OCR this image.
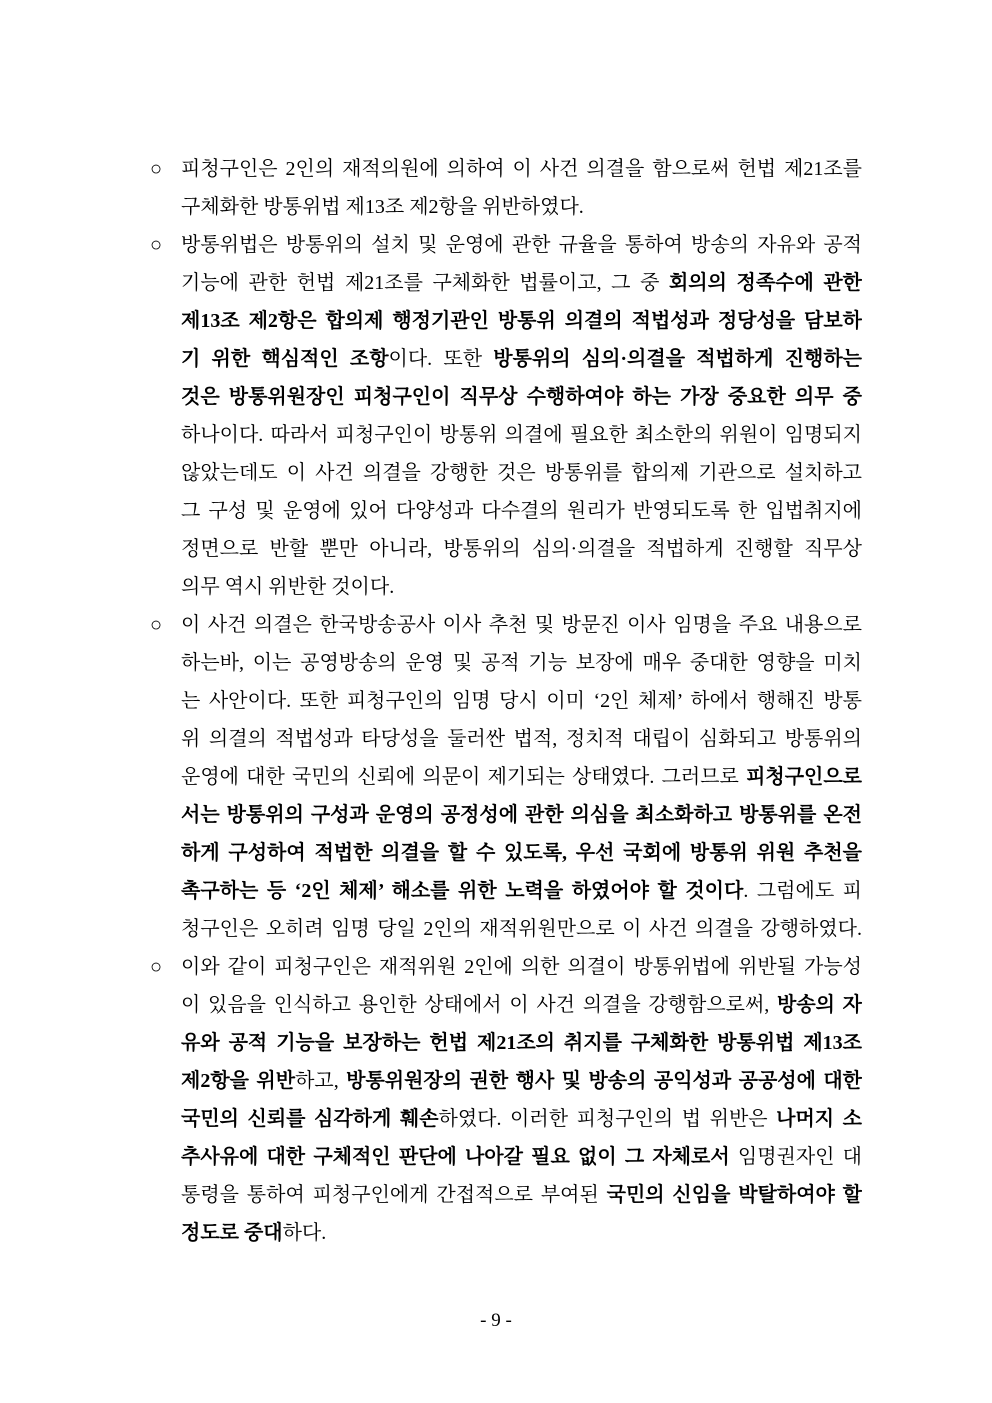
○ 피청구인은 2인의 재적의원에 의하여 이 사건 의결을 함으로써 헌법 제21조를
구체화한 방통위법 제13조 제2항을 위반하였다.
○ 방통위법은 방통위의 설치 및 운영에 관한 규율을 통하여 방송의 자유와 공적
기능에 관한 헌법 제21조를 구체화한 법률이고, 그 중 회의의 정족수에 관한
제13조 제2항은 합의제 행정기관인 방통위 의결의 적법성과 정당성을 담보하
기 위한 핵심적인 조항이다. 또한 방통위의 심의·의결을 적법하게 진행하는
것은 방통위원장인 피청구인이 직무상 수행하여야 하는 가장 중요한 의무 중
하나이다. 따라서 피청구인이 방통위 의결에 필요한 최소한의 위원이 임명되지
않았는데도 이 사건 의결을 강행한 것은 방통위를 합의제 기관으로 설치하고
그 구성 및 운영에 있어 다양성과 다수결의 원리가 반영되도록 한 입법취지에
정면으로 반할 뿐만 아니라, 방통위의 심의·의결을 적법하게 진행할 직무상
의무 역시 위반한 것이다.
○ 이 사건 의결은 한국방송공사 이사 추천 및 방문진 이사 임명을 주요 내용으로
하는바, 이는 공영방송의 운영 및 공적 기능 보장에 매우 중대한 영향을 미치
는 사안이다. 또한 피청구인의 임명 당시 이미 ‘2인 체제’ 하에서 행해진 방통
위 의결의 적법성과 타당성을 둘러싼 법적, 정치적 대립이 심화되고 방통위의
운영에 대한 국민의 신뢰에 의문이 제기되는 상태였다. 그러므로 피청구인으로
서는 방통위의 구성과 운영의 공정성에 관한 의심을 최소화하고 방통위를 온전
하게 구성하여 적법한 의결을 할 수 있도록, 우선 국회에 방통위 위원 추천을
촉구하는 등 ‘2인 체제’ 해소를 위한 노력을 하였어야 할 것이다. 그럼에도 피
청구인은 오히려 임명 당일 2인의 재적위원만으로 이 사건 의결을 강행하였다.
○ 이와 같이 피청구인은 재적위원 2인에 의한 의결이 방통위법에 위반될 가능성
이 있음을 인식하고 용인한 상태에서 이 사건 의결을 강행함으로써, 방송의 자
유와 공적 기능을 보장하는 헌법 제21조의 취지를 구체화한 방통위법 제13조
제2항을 위반하고, 방통위원장의 권한 행사 및 방송의 공익성과 공공성에 대한
국민의 신뢰를 심각하게 훼손하였다. 이러한 피청구인의 법 위반은 나머지 소
추사유에 대한 구체적인 판단에 나아갈 필요 없이 그 자체로서 임명권자인 대
통령을 통하여 피청구인에게 간접적으로 부여된 국민의 신임을 박탈하여야 할
정도로 중대하다.
- 9 -
